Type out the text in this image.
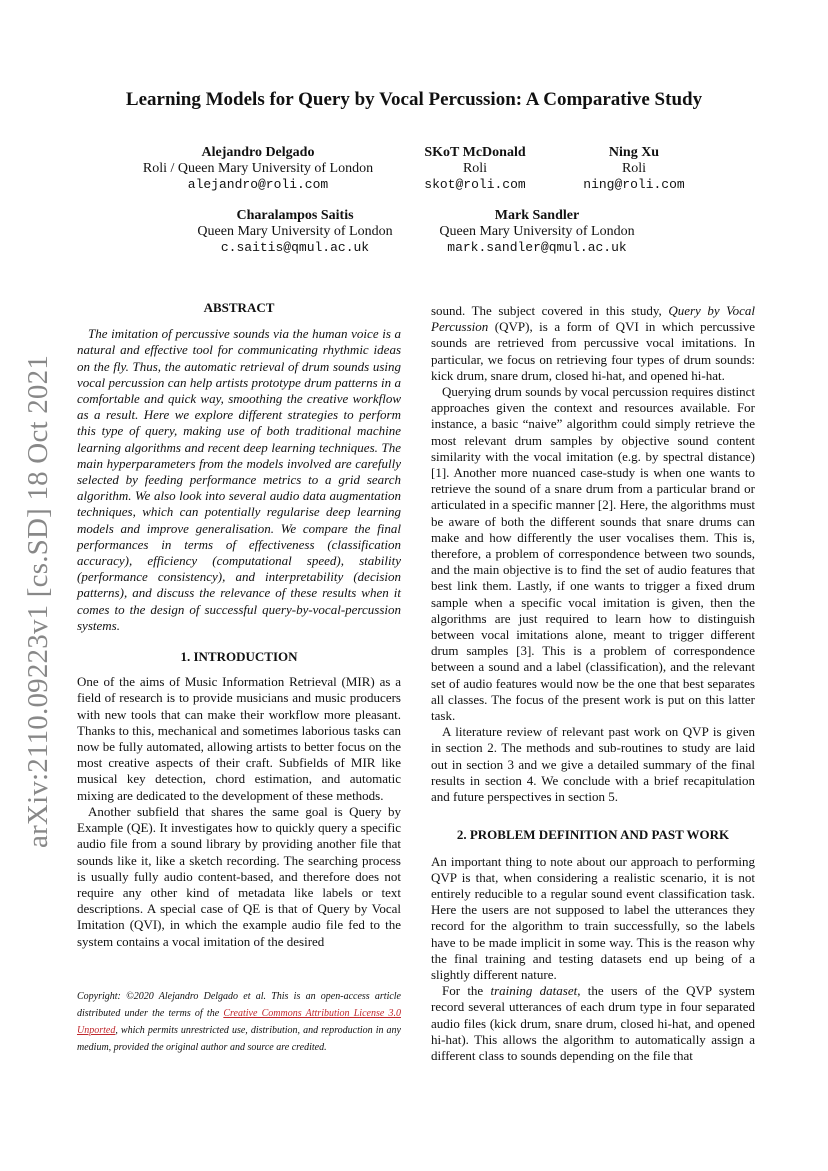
arXiv:2110.09223v1 [cs.SD] 18 Oct 2021
Learning Models for Query by Vocal Percussion: A Comparative Study
Alejandro Delgado
Roli / Queen Mary University of London
alejandro@roli.com
SKoT McDonald
Roli
skot@roli.com
Ning Xu
Roli
ning@roli.com
Charalampos Saitis
Queen Mary University of London
c.saitis@qmul.ac.uk
Mark Sandler
Queen Mary University of London
mark.sandler@qmul.ac.uk

ABSTRACT

The imitation of percussive sounds via the human voice is a natural and effective tool for communicating rhythmic ideas on the fly. Thus, the automatic retrieval of drum sounds using vocal percussion can help artists prototype drum patterns in a comfortable and quick way, smoothing the creative workflow as a result. Here we explore different strategies to perform this type of query, making use of both traditional machine learning algorithms and recent deep learning techniques. The main hyperparameters from the models involved are carefully selected by feeding performance metrics to a grid search algorithm. We also look into several audio data augmentation techniques, which can potentially regularise deep learning models and improve generalisation. We compare the final performances in terms of effectiveness (classification accuracy), efficiency (computational speed), stability (performance consistency), and interpretability (decision patterns), and discuss the relevance of these results when it comes to the design of successful query-by-vocal-percussion systems.

1. INTRODUCTION

One of the aims of Music Information Retrieval (MIR) as a field of research is to provide musicians and music producers with new tools that can make their workflow more pleasant. Thanks to this, mechanical and sometimes laborious tasks can now be fully automated, allowing artists to better focus on the most creative aspects of their craft. Subfields of MIR like musical key detection, chord estimation, and automatic mixing are dedicated to the development of these methods.

Another subfield that shares the same goal is Query by Example (QE). It investigates how to quickly query a specific audio file from a sound library by providing another file that sounds like it, like a sketch recording. The searching process is usually fully audio content-based, and therefore does not require any other kind of metadata like labels or text descriptions. A special case of QE is that of Query by Vocal Imitation (QVI), in which the example audio file fed to the system contains a vocal imitation of the desired

Copyright: ©2020 Alejandro Delgado et al. This is an open-access article distributed under the terms of the Creative Commons Attribution License 3.0 Unported, which permits unrestricted use, distribution, and reproduction in any medium, provided the original author and source are credited.

sound. The subject covered in this study, Query by Vocal Percussion (QVP), is a form of QVI in which percussive sounds are retrieved from percussive vocal imitations. In particular, we focus on retrieving four types of drum sounds: kick drum, snare drum, closed hi-hat, and opened hi-hat.

Querying drum sounds by vocal percussion requires distinct approaches given the context and resources available. For instance, a basic “naive” algorithm could simply retrieve the most relevant drum samples by objective sound content similarity with the vocal imitation (e.g. by spectral distance) [1]. Another more nuanced case-study is when one wants to retrieve the sound of a snare drum from a particular brand or articulated in a specific manner [2]. Here, the algorithms must be aware of both the different sounds that snare drums can make and how differently the user vocalises them. This is, therefore, a problem of correspondence between two sounds, and the main objective is to find the set of audio features that best link them. Lastly, if one wants to trigger a fixed drum sample when a specific vocal imitation is given, then the algorithms are just required to learn how to distinguish between vocal imitations alone, meant to trigger different drum samples [3]. This is a problem of correspondence between a sound and a label (classification), and the relevant set of audio features would now be the one that best separates all classes. The focus of the present work is put on this latter task.

A literature review of relevant past work on QVP is given in section 2. The methods and sub-routines to study are laid out in section 3 and we give a detailed summary of the final results in section 4. We conclude with a brief recapitulation and future perspectives in section 5.

2. PROBLEM DEFINITION AND PAST WORK

An important thing to note about our approach to performing QVP is that, when considering a realistic scenario, it is not entirely reducible to a regular sound event classification task. Here the users are not supposed to label the utterances they record for the algorithm to train successfully, so the labels have to be made implicit in some way. This is the reason why the final training and testing datasets end up being of a slightly different nature.

For the training dataset, the users of the QVP system record several utterances of each drum type in four separated audio files (kick drum, snare drum, closed hi-hat, and opened hi-hat). This allows the algorithm to automatically assign a different class to sounds depending on the file that
